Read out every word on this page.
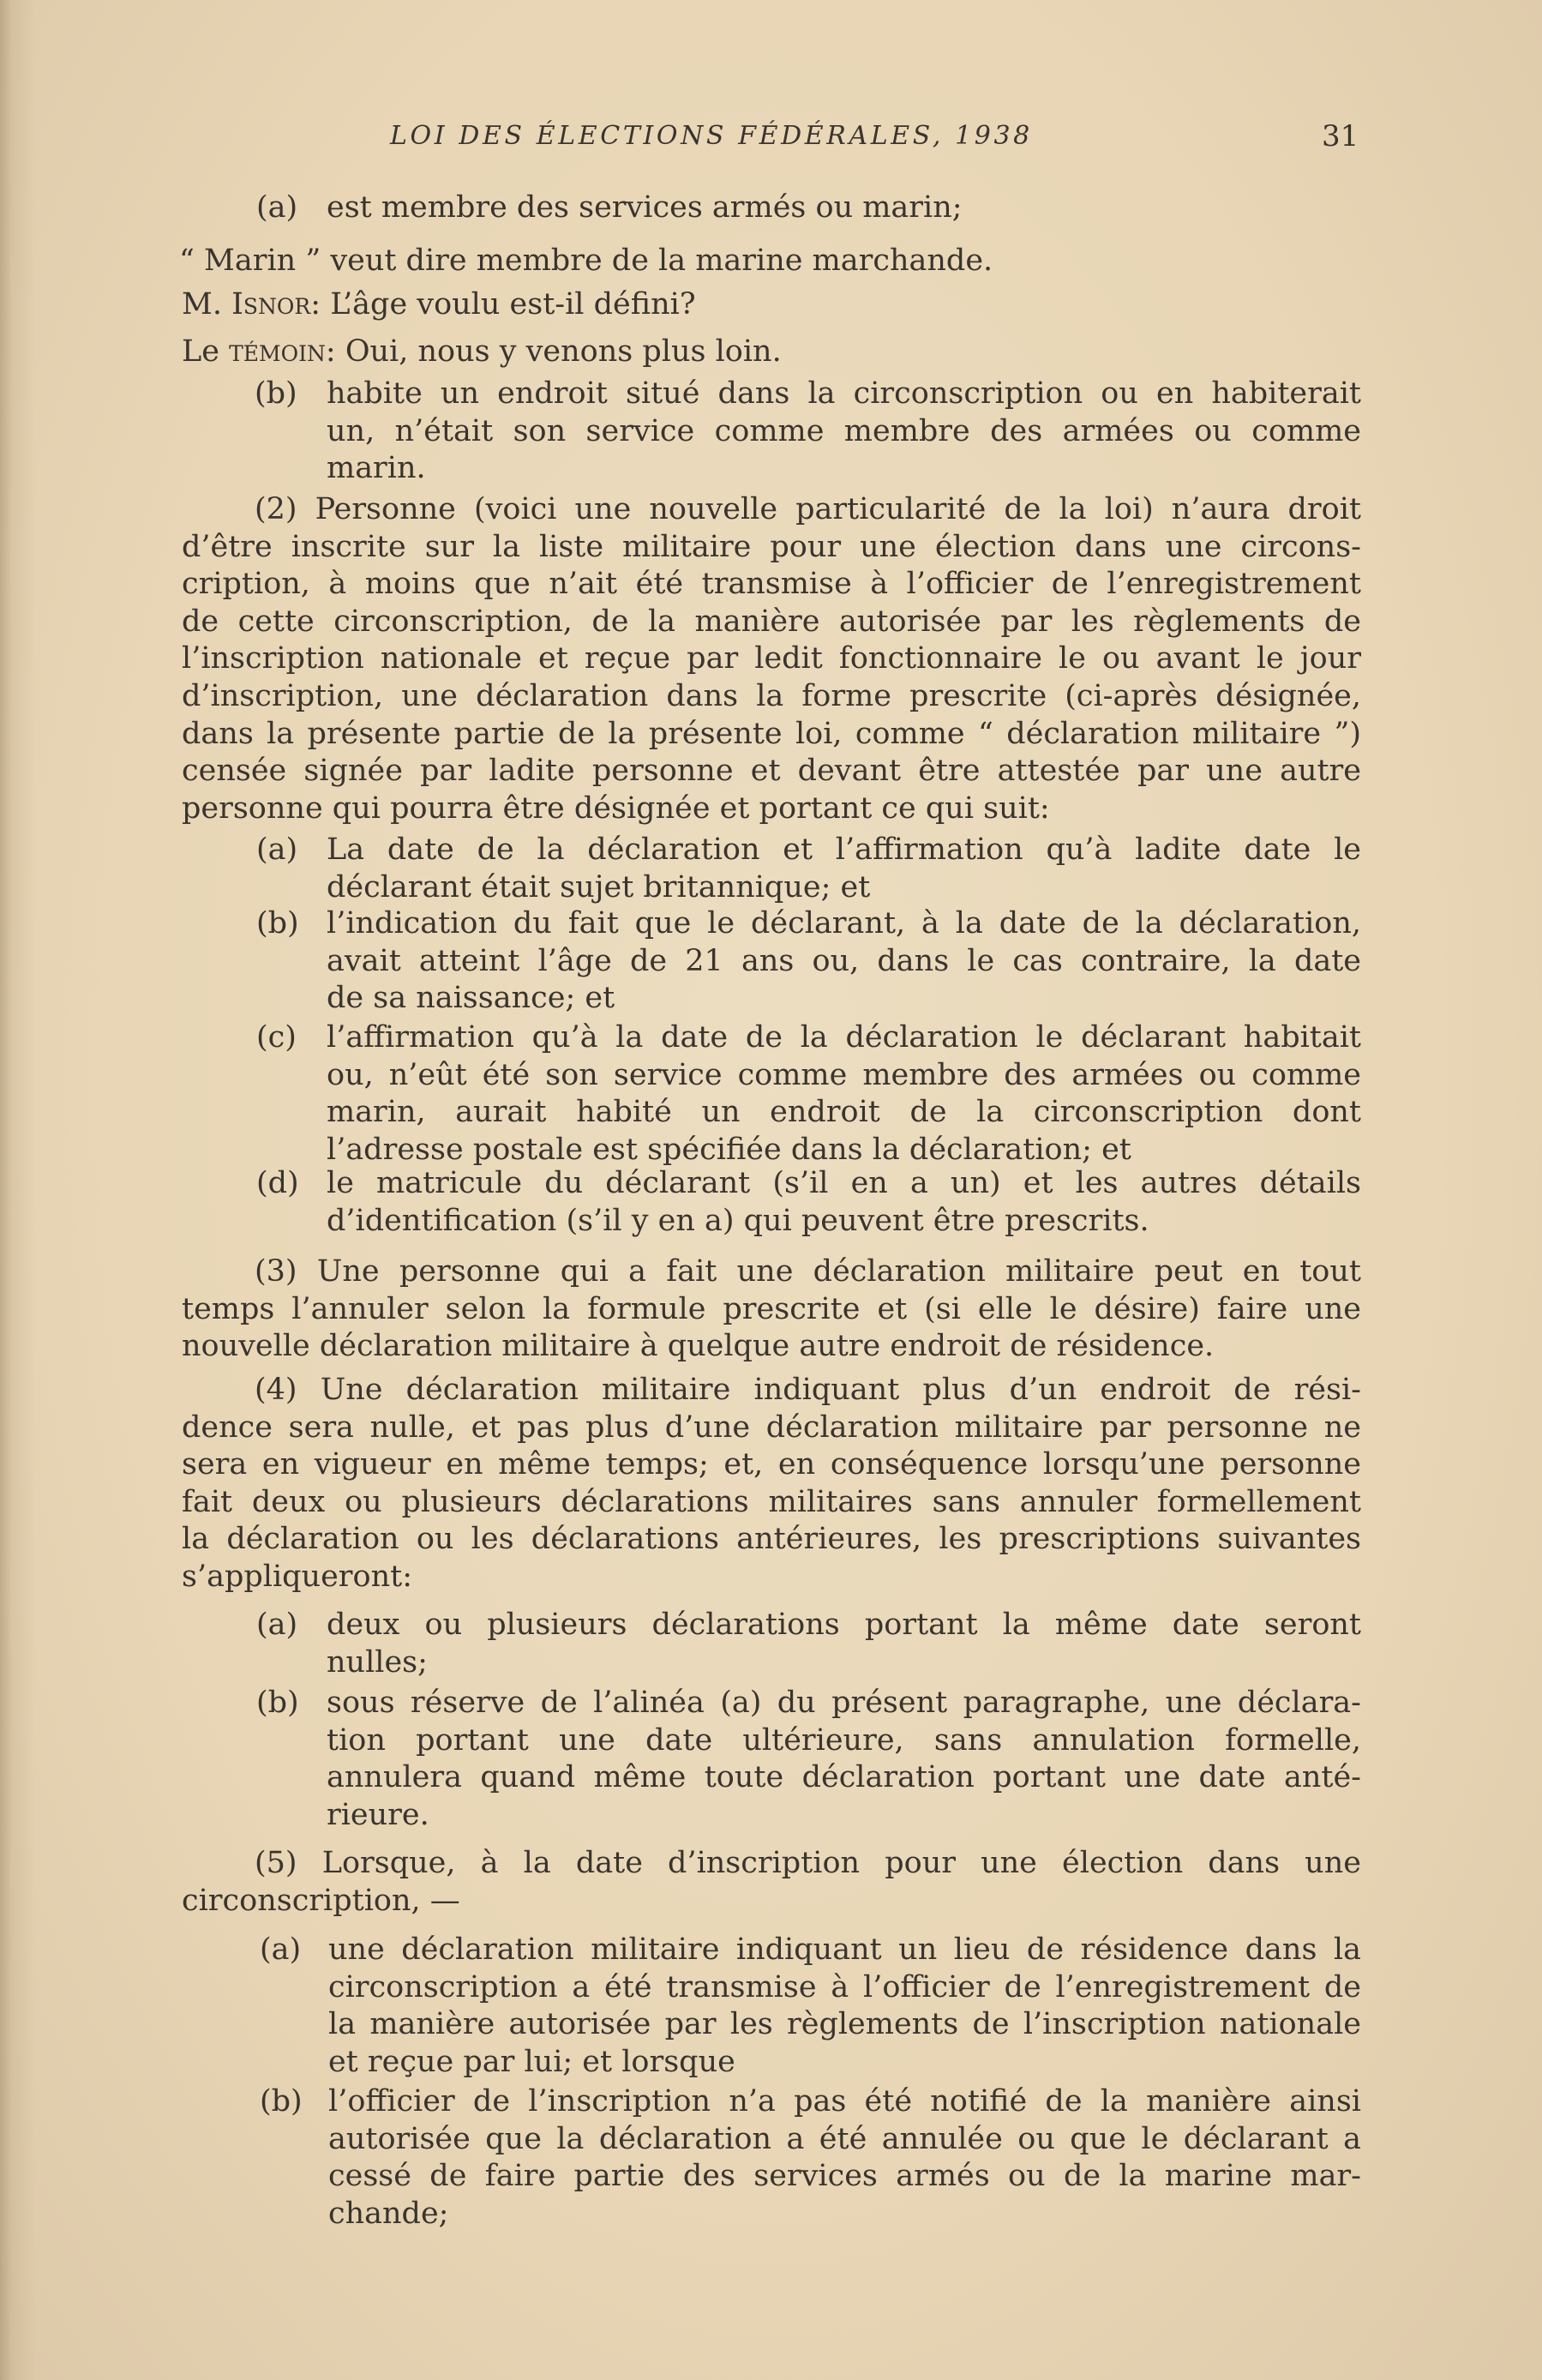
LOI DES ÉLECTIONS FÉDÉRALES, 1938	31
(a) est membre des services armés ou marin;
“ Marin ” veut dire membre de la marine marchande.
M. Isnor: L’âge voulu est-il défini?
Le témoin: Oui, nous y venons plus loin.
(b) habite un endroit situé dans la circonscription ou en habiterait
un, n’était son service comme membre des armées ou comme
marin.
(2) Personne (voici une nouvelle particularité de la loi) n’aura droit
d’être inscrite sur la liste militaire pour une élection dans une circons-
cription, à moins que n’ait été transmise à l’officier de l’enregistrement
de cette circonscription, de la manière autorisée par les règlements de
l’inscription nationale et reçue par ledit fonctionnaire le ou avant le jour
d’inscription, une déclaration dans la forme prescrite (ci-après désignée,
dans la présente partie de la présente loi, comme “ déclaration militaire ”)
censée signée par ladite personne et devant être attestée par une autre
personne qui pourra être désignée et portant ce qui suit:
(a) La date de la déclaration et l’affirmation qu’à ladite date le
déclarant était sujet britannique; et
(b) l’indication du fait que le déclarant, à la date de la déclaration,
avait atteint l’âge de 21 ans ou, dans le cas contraire, la date
de sa naissance; et
(c) l’affirmation qu’à la date de la déclaration le déclarant habitait
ou, n’eût été son service comme membre des armées ou comme
marin, aurait habité un endroit de la circonscription dont
l’adresse postale est spécifiée dans la déclaration; et
(d) le matricule du déclarant (s’il en a un) et les autres détails
d’identification (s’il y en a) qui peuvent être prescrits.
(3) Une personne qui a fait une déclaration militaire peut en tout
temps l’annuler selon la formule prescrite et (si elle le désire) faire une
nouvelle déclaration militaire à quelque autre endroit de résidence.
(4) Une déclaration militaire indiquant plus d’un endroit de rési-
dence sera nulle, et pas plus d’une déclaration militaire par personne ne
sera en vigueur en même temps; et, en conséquence lorsqu’une personne
fait deux ou plusieurs déclarations militaires sans annuler formellement
la déclaration ou les déclarations antérieures, les prescriptions suivantes
s’appliqueront:
(a) deux ou plusieurs déclarations portant la même date seront
nulles;
(b) sous réserve de l’alinéa (a) du présent paragraphe, une déclara-
tion portant une date ultérieure, sans annulation formelle,
annulera quand même toute déclaration portant une date anté-
rieure.
(5) Lorsque, à la date d’inscription pour une élection dans une
circonscription, —
(a) une déclaration militaire indiquant un lieu de résidence dans la
circonscription a été transmise à l’officier de l’enregistrement de
la manière autorisée par les règlements de l’inscription nationale
et reçue par lui; et lorsque
(b) l’officier de l’inscription n’a pas été notifié de la manière ainsi
autorisée que la déclaration a été annulée ou que le déclarant a
cessé de faire partie des services armés ou de la marine mar-
chande;
